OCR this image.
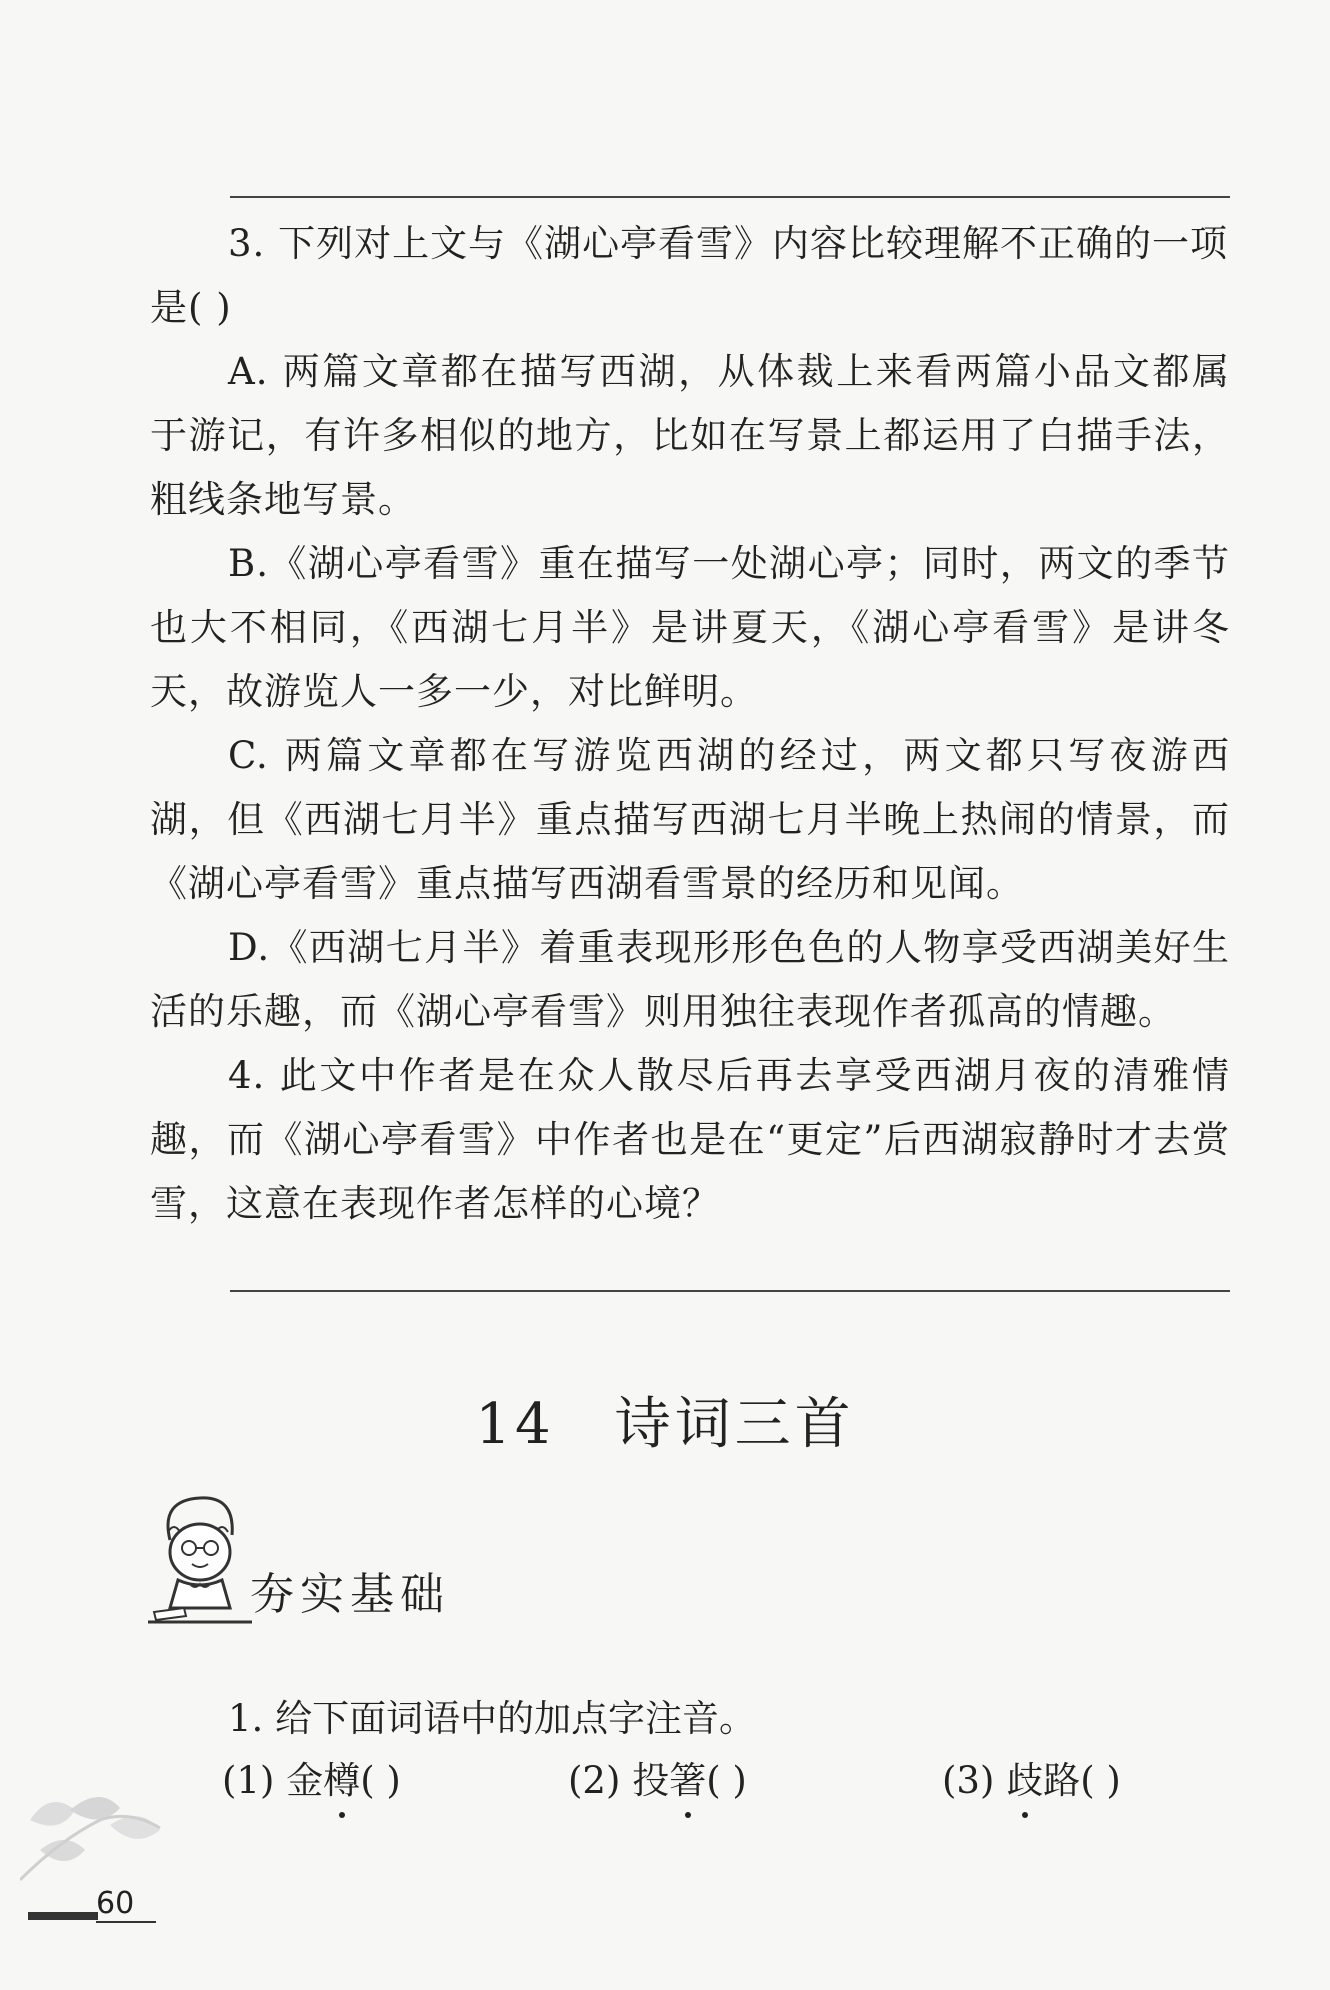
3. 下列对上文与《湖心亭看雪》内容比较理解不正确的一项
是( )

A. 两篇文章都在描写西湖，从体裁上来看两篇小品文都属于游记，有许多相似的地方，比如在写景上都运用了白描手法，粗线条地写景。

B.《湖心亭看雪》重在描写一处湖心亭；同时，两文的季节也大不相同，《西湖七月半》是讲夏天，《湖心亭看雪》是讲冬天，故游览人一多一少，对比鲜明。

C. 两篇文章都在写游览西湖的经过，两文都只写夜游西湖，但《西湖七月半》重点描写西湖七月半晚上热闹的情景，而《湖心亭看雪》重点描写西湖看雪景的经历和见闻。

D.《西湖七月半》着重表现形形色色的人物享受西湖美好生活的乐趣，而《湖心亭看雪》则用独往表现作者孤高的情趣。

4. 此文中作者是在众人散尽后再去享受西湖月夜的清雅情趣，而《湖心亭看雪》中作者也是在“更定”后西湖寂静时才去赏雪，这意在表现作者怎样的心境？

14 诗词三首
夯实基础
1. 给下面词语中的加点字注音。
(1) 金樽( )	(2) 投箸( )	(3) 歧路( )
60
